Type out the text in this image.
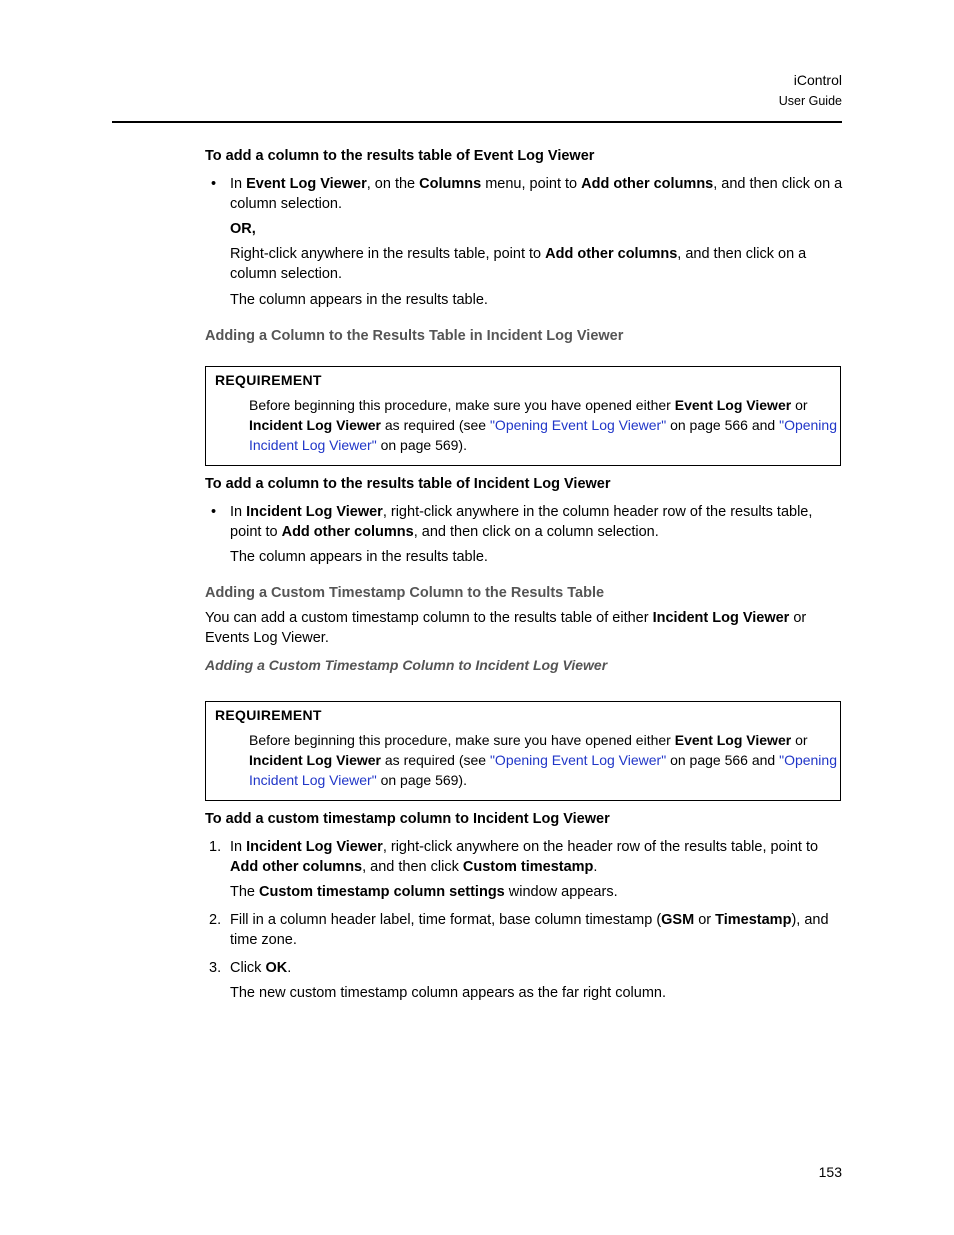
iControl
User Guide
To add a column to the results table of Event Log Viewer
• In Event Log Viewer, on the Columns menu, point to Add other columns, and then click on a column selection.
OR,
Right-click anywhere in the results table, point to Add other columns, and then click on a column selection.
The column appears in the results table.
Adding a Column to the Results Table in Incident Log Viewer
REQUIREMENT
Before beginning this procedure, make sure you have opened either Event Log Viewer or Incident Log Viewer as required (see "Opening Event Log Viewer" on page 566 and "Opening Incident Log Viewer" on page 569).
To add a column to the results table of Incident Log Viewer
• In Incident Log Viewer, right-click anywhere in the column header row of the results table, point to Add other columns, and then click on a column selection.
The column appears in the results table.
Adding a Custom Timestamp Column to the Results Table
You can add a custom timestamp column to the results table of either Incident Log Viewer or Events Log Viewer.
Adding a Custom Timestamp Column to Incident Log Viewer
REQUIREMENT
Before beginning this procedure, make sure you have opened either Event Log Viewer or Incident Log Viewer as required (see "Opening Event Log Viewer" on page 566 and "Opening Incident Log Viewer" on page 569).
To add a custom timestamp column to Incident Log Viewer
1. In Incident Log Viewer, right-click anywhere on the header row of the results table, point to Add other columns, and then click Custom timestamp.
The Custom timestamp column settings window appears.
2. Fill in a column header label, time format, base column timestamp (GSM or Timestamp), and time zone.
3. Click OK.
The new custom timestamp column appears as the far right column.
153
